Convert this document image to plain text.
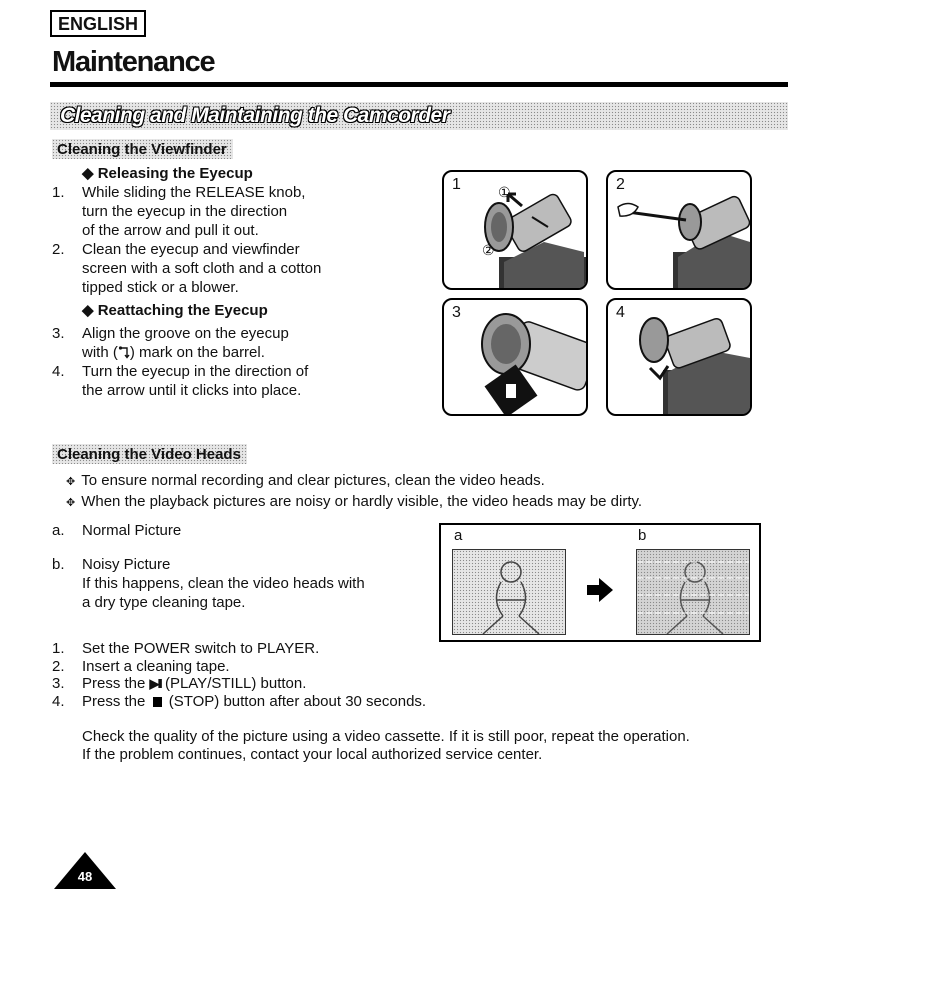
ENGLISH
Maintenance
Cleaning and Maintaining the Camcorder
Cleaning the Viewfinder
◆ Releasing the Eyecup
1. While sliding the RELEASE knob,
turn the eyecup in the direction
of the arrow and pull it out.
2. Clean the eyecup and viewfinder
screen with a soft cloth and a cotton
tipped stick or a blower.
◆ Reattaching the Eyecup
3. Align the groove on the eyecup
with ( ) mark on the barrel.
4. Turn the eyecup in the direction of
the arrow until it clicks into place.
1	①
②
2
3	4
Cleaning the Video Heads
✥ To ensure normal recording and clear pictures, clean the video heads.
✥ When the playback pictures are noisy or hardly visible, the video heads may be dirty.
a. Normal Picture
b. Noisy Picture
If this happens, clean the video heads with
a dry type cleaning tape.
a	b
1. Set the POWER switch to PLAYER.
2. Insert a cleaning tape.
3. Press the ▶II (PLAY/STILL) button.
4. Press the (STOP) button after about 30 seconds.
Check the quality of the picture using a video cassette. If it is still poor, repeat the operation.
If the problem continues, contact your local authorized service center.
48
